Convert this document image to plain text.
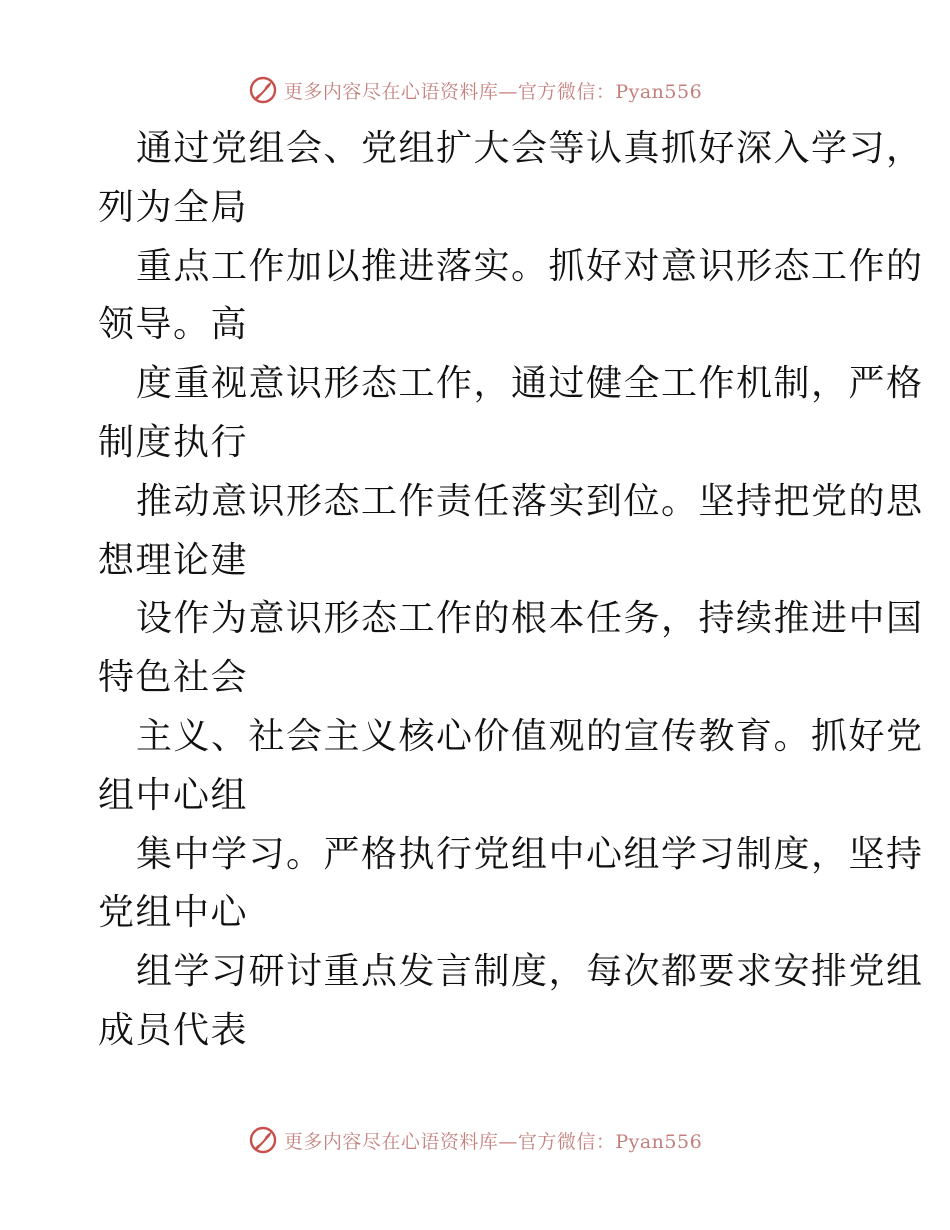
更多内容尽在心语资料库—官方微信：Pyan556
通过党组会、党组扩大会等认真抓好深入学习，
列为全局
重点工作加以推进落实。抓好对意识形态工作的
领导。高
度重视意识形态工作，通过健全工作机制，严格
制度执行
推动意识形态工作责任落实到位。坚持把党的思
想理论建
设作为意识形态工作的根本任务，持续推进中国
特色社会
主义、社会主义核心价值观的宣传教育。抓好党
组中心组
集中学习。严格执行党组中心组学习制度，坚持
党组中心
组学习研讨重点发言制度，每次都要求安排党组
成员代表
更多内容尽在心语资料库—官方微信：Pyan556
